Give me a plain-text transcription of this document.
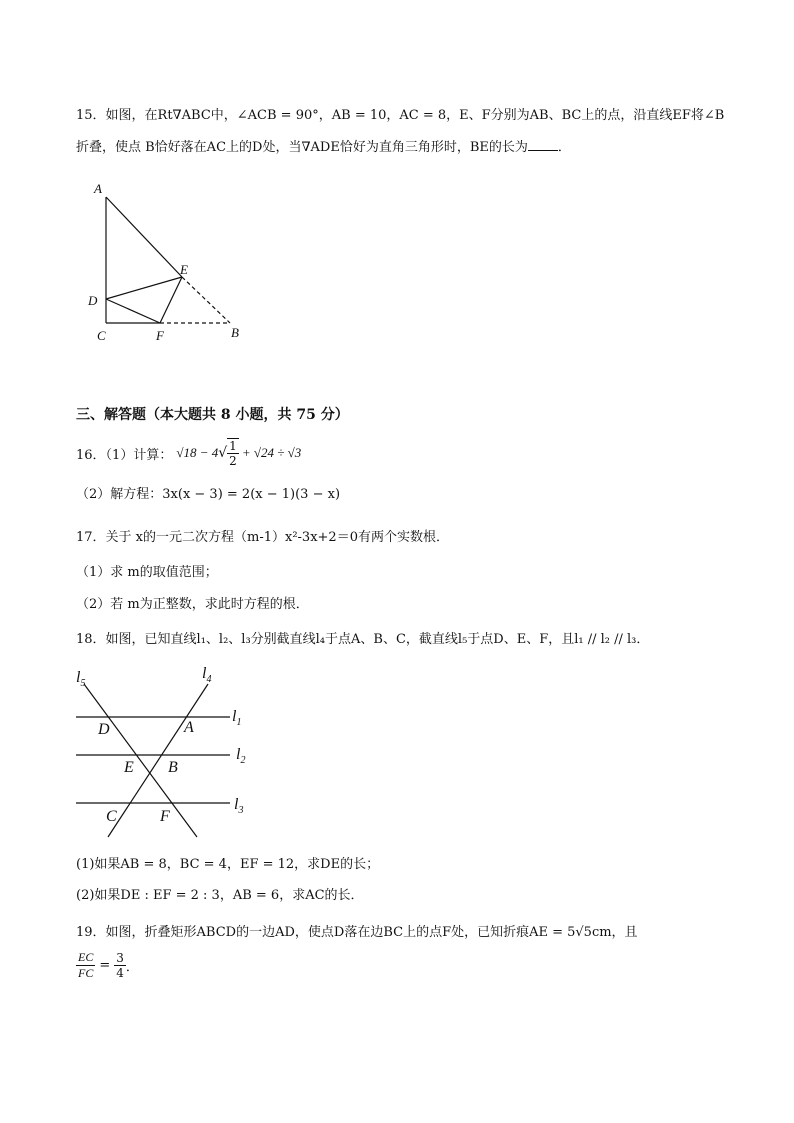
15．如图，在Rt∇ABC中，∠ACB = 90°，AB = 10，AC = 8，E、F分别为AB、BC上的点，沿直线EF将∠B
折叠，使点 B恰好落在AC上的D处，当∇ADE恰好为直角三角形时，BE的长为 ．
A
E
D
C	F	B
三、解答题（本大题共 8 小题，共 75 分）
16．（1）计算： √18 − 4 √ $\frac{1}{2} + √24 \div √3$
（2）解方程：3x(x − 3) = 2(x − 1)(3 − x)
17．关于 x的一元二次方程（m-1）x²-3x+2＝0有两个实数根．
（1）求 m的取值范围；
（2）若 m为正整数，求此时方程的根．
18．如图，已知直线l₁、l₂、l₃分别截直线l₄于点A、B、C，截直线l₅于点D、E、F，且l₁ // l₂ // l₃．
$l_5$
$l_4$
$l_1$
$l_2$
$l_3$
D	A
E B
C	F
(1)如果AB = 8，BC = 4，EF = 12，求DE的长；
(2)如果DE : EF = 2 : 3，AB = 6，求AC的长．
19．如图，折叠矩形ABCD的一边AD，使点D落在边BC上的点F处，已知折痕AE = 5√5cm，且
$\frac{EC}{FC} = \frac{3}{4}$ ．
